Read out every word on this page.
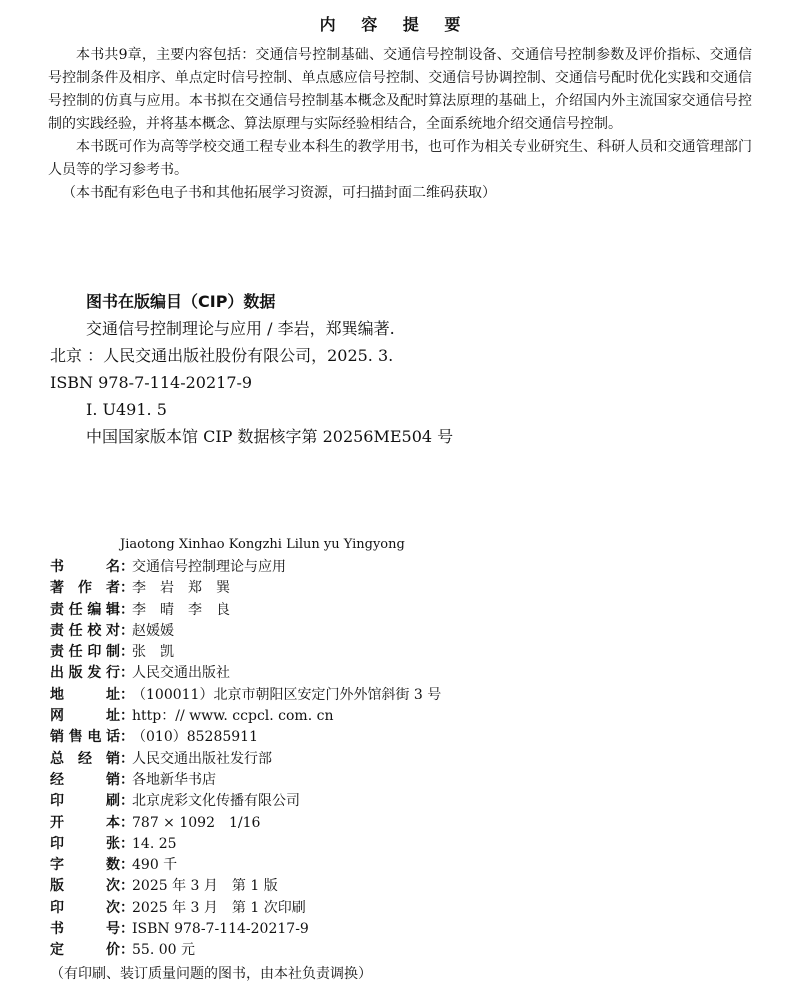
内 容 提 要

本书共9章，主要内容包括：交通信号控制基础、交通信号控制设备、交通信号控制参数及评价指标、交通信号控制条件及相序、单点定时信号控制、单点感应信号控制、交通信号协调控制、交通信号配时优化实践和交通信号控制的仿真与应用。本书拟在交通信号控制基本概念及配时算法原理的基础上，介绍国内外主流国家交通信号控制的实践经验，并将基本概念、算法原理与实际经验相结合，全面系统地介绍交通信号控制。

本书既可作为高等学校交通工程专业本科生的教学用书，也可作为相关专业研究生、科研人员和交通管理部门人员等的学习参考书。

（本书配有彩色电子书和其他拓展学习资源，可扫描封面二维码获取）

图书在版编目（CIP）数据
交通信号控制理论与应用 / 李岩，郑巽编著.
北京 ：人民交通出版社股份有限公司，2025. 3.
ISBN 978-7-114-20217-9
Ⅰ. U491. 5
中国国家版本馆 CIP 数据核字第 20256ME504 号
Jiaotong Xinhao Kongzhi Lilun yu Yingyong
书	名 ：
交通信号控制理论与应用
著 作 者 ：
李　岩　郑　巽
责 任 编 辑 ：
李　晴　李　良
责 任 校 对 ：
赵媛媛
责 任 印 制 ：
张　凯
出 版 发 行 ：
人民交通出版社
地	址 ：
（100011）北京市朝阳区安定门外外馆斜街 3 号
网	址 ：
http：// www. ccpcl. com. cn
销 售 电 话 ：
（010）85285911
总 经 销 ：
人民交通出版社发行部
经	销 ：
各地新华书店
印	刷 ：
北京虎彩文化传播有限公司
开	本 ：
787 × 1092　1/16
印	张 ：
14. 25
字	数 ：
490 千
版	次 ：
2025 年 3 月　第 1 版
印	次 ：
2025 年 3 月　第 1 次印刷
书	号 ：
ISBN 978-7-114-20217-9
定	价 ：
55. 00 元
（有印刷、装订质量问题的图书，由本社负责调换）
